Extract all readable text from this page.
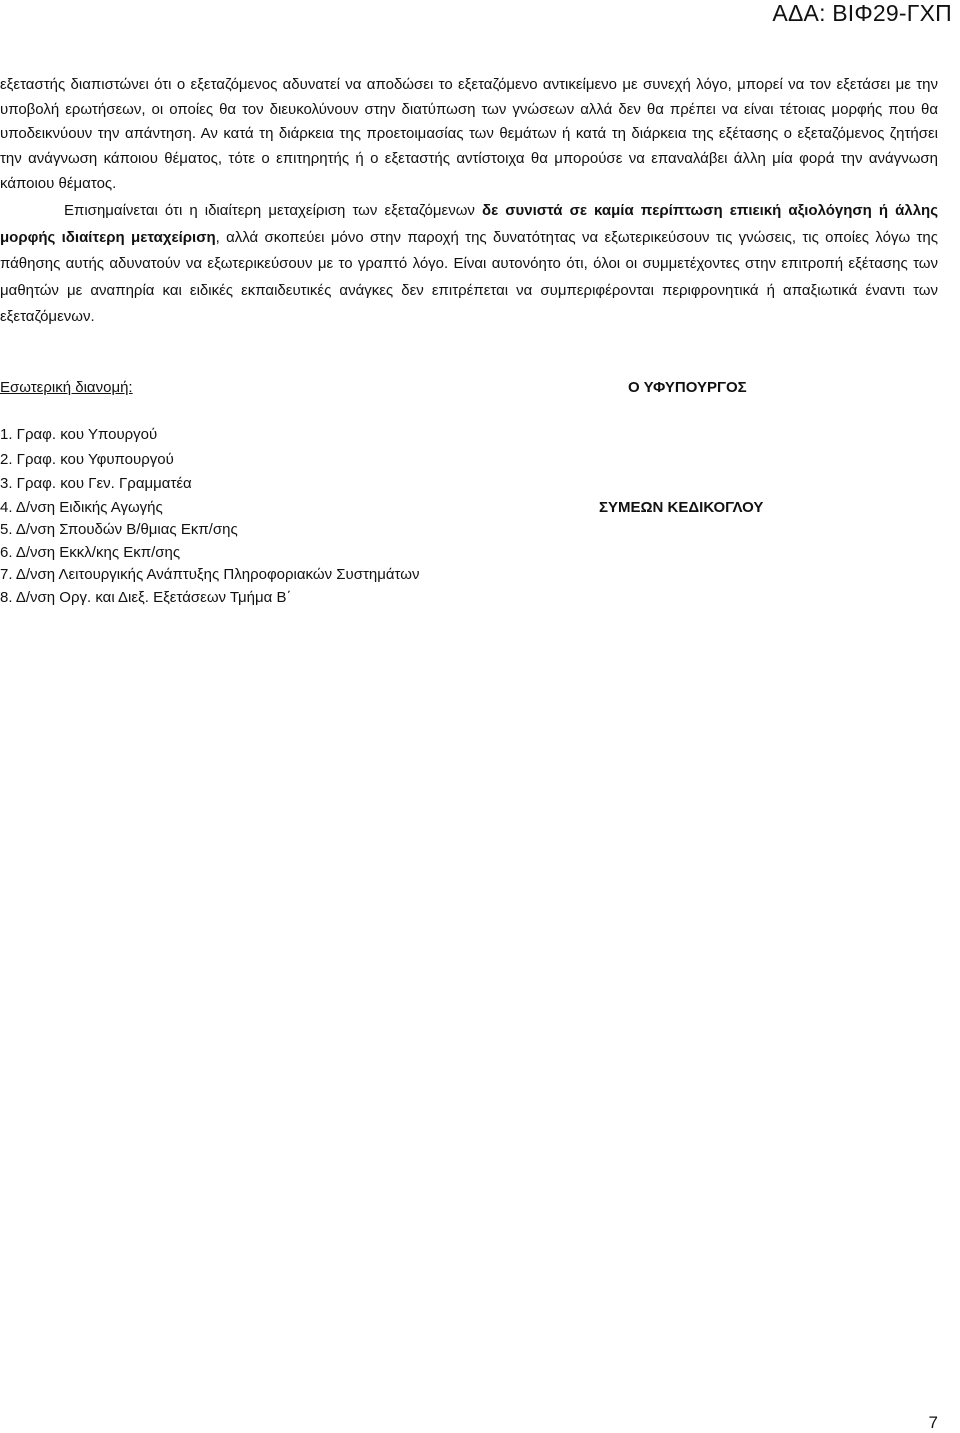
ΑΔΑ: ΒΙΦ29-ΓΧΠ

εξεταστής διαπιστώνει ότι ο εξεταζόμενος αδυνατεί να αποδώσει το εξεταζόμενο αντικείμενο με συνεχή λόγο, μπορεί να τον εξετάσει με την υποβολή ερωτήσεων, οι οποίες θα τον διευκολύνουν στην διατύπωση των γνώσεων αλλά δεν θα πρέπει να είναι τέτοιας μορφής που θα υποδεικνύουν την απάντηση. Αν κατά τη διάρκεια της προετοιμασίας των θεμάτων ή κατά τη διάρκεια της εξέτασης ο εξεταζόμενος ζητήσει την ανάγνωση κάποιου θέματος, τότε ο επιτηρητής ή ο εξεταστής αντίστοιχα θα μπορούσε να επαναλάβει άλλη μία φορά την ανάγνωση κάποιου θέματος.

Επισημαίνεται ότι η ιδιαίτερη μεταχείριση των εξεταζόμενων δε συνιστά σε καμία περίπτωση επιεική αξιολόγηση ή άλλης μορφής ιδιαίτερη μεταχείριση, αλλά σκοπεύει μόνο στην παροχή της δυνατότητας να εξωτερικεύσουν τις γνώσεις, τις οποίες λόγω της πάθησης αυτής αδυνατούν να εξωτερικεύσουν με το γραπτό λόγο. Είναι αυτονόητο ότι, όλοι οι συμμετέχοντες στην επιτροπή εξέτασης των μαθητών με αναπηρία και ειδικές εκπαιδευτικές ανάγκες δεν επιτρέπεται να συμπεριφέρονται περιφρονητικά ή απαξιωτικά έναντι των εξεταζόμενων.

Εσωτερική διανομή:	Ο ΥΦΥΠΟΥΡΓΟΣ
1. Γραφ. κου Υπουργού
2. Γραφ. κου Υφυπουργού
3. Γραφ. κου Γεν. Γραμματέα
4. Δ/νση Ειδικής Αγωγής
5. Δ/νση Σπουδών Β/θμιας Εκπ/σης
6. Δ/νση Εκκλ/κης Εκπ/σης
7. Δ/νση Λειτουργικής Ανάπτυξης Πληροφοριακών Συστημάτων
8. Δ/νση Οργ. και Διεξ. Εξετάσεων Τμήμα Β΄
ΣΥΜΕΩΝ ΚΕΔΙΚΟΓΛΟΥ
7
